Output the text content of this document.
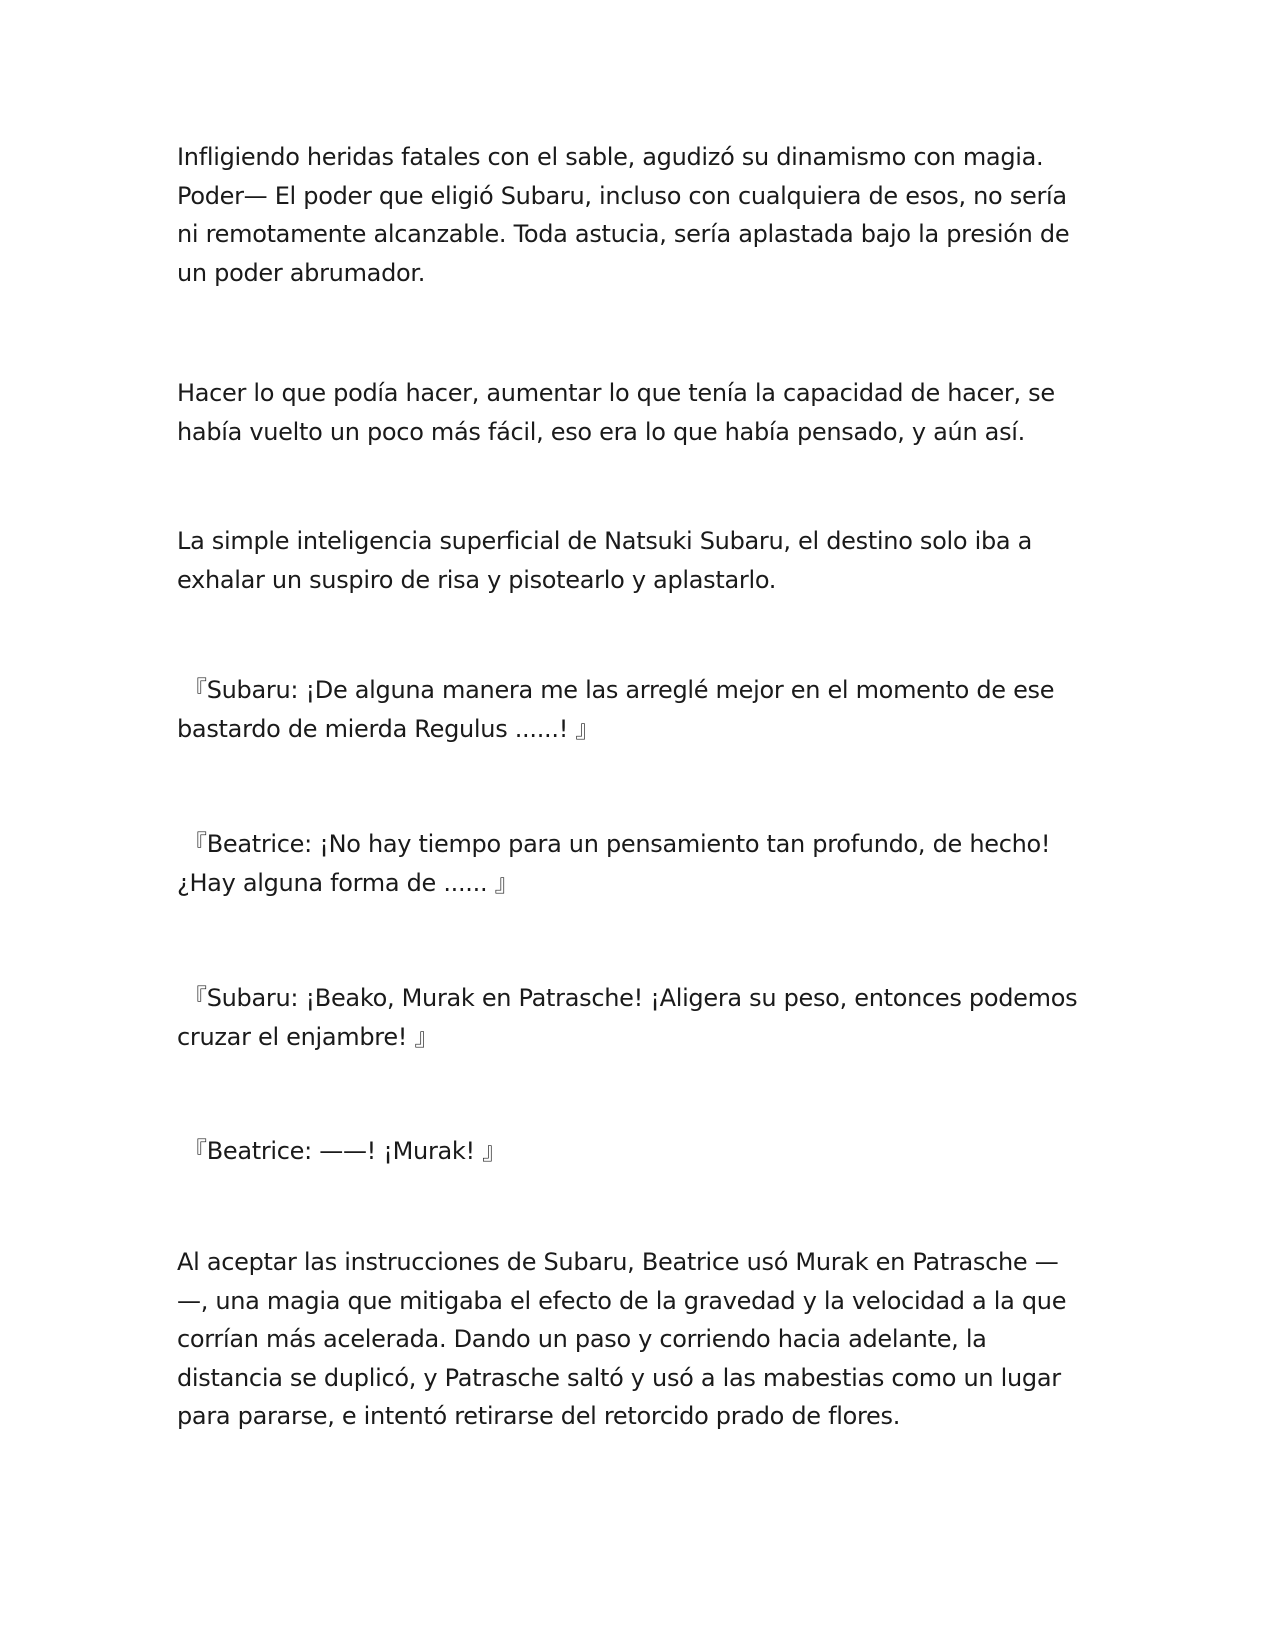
Infligiendo heridas fatales con el sable, agudizó su dinamismo con magia.
Poder— El poder que eligió Subaru, incluso con cualquiera de esos, no sería
ni remotamente alcanzable. Toda astucia, sería aplastada bajo la presión de
un poder abrumador.
Hacer lo que podía hacer, aumentar lo que tenía la capacidad de hacer, se
había vuelto un poco más fácil, eso era lo que había pensado, y aún así.
La simple inteligencia superficial de Natsuki Subaru, el destino solo iba a
exhalar un suspiro de risa y pisotearlo y aplastarlo.
『Subaru: ¡De alguna manera me las arreglé mejor en el momento de ese
bastardo de mierda Regulus ......! 』
『Beatrice: ¡No hay tiempo para un pensamiento tan profundo, de hecho!
¿Hay alguna forma de ...... 』
『Subaru: ¡Beako, Murak en Patrasche! ¡Aligera su peso, entonces podemos
cruzar el enjambre! 』
『Beatrice: ——! ¡Murak! 』
Al aceptar las instrucciones de Subaru, Beatrice usó Murak en Patrasche —
—, una magia que mitigaba el efecto de la gravedad y la velocidad a la que
corrían más acelerada. Dando un paso y corriendo hacia adelante, la
distancia se duplicó, y Patrasche saltó y usó a las mabestias como un lugar
para pararse, e intentó retirarse del retorcido prado de flores.
